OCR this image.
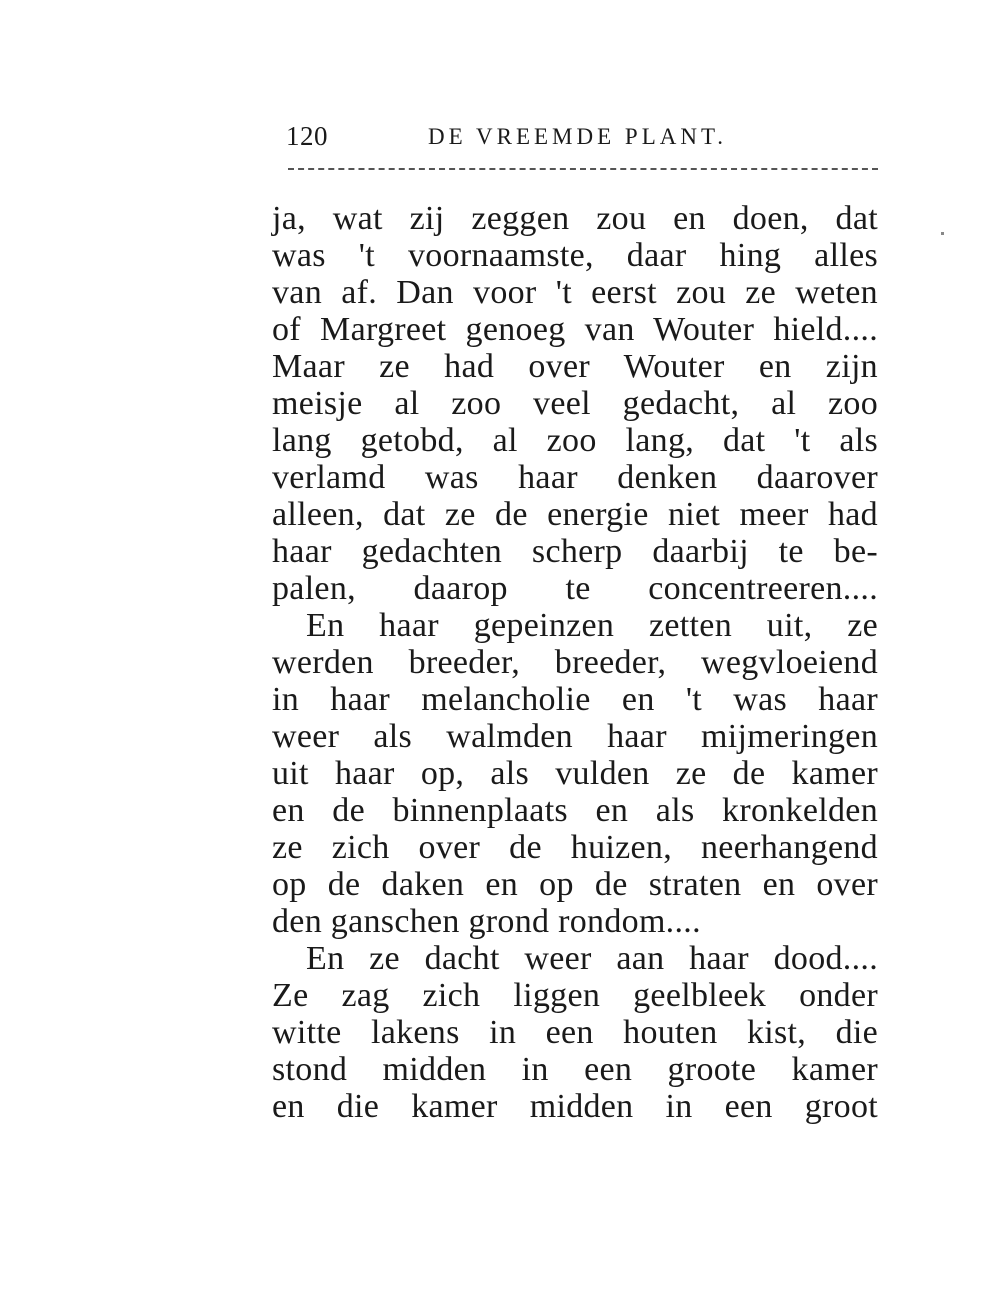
120	DE VREEMDE PLANT.
ja, wat zij zeggen zou en doen, dat
was 't voornaamste, daar hing alles
van af. Dan voor 't eerst zou ze weten
of Margreet genoeg van Wouter hield....
Maar ze had over Wouter en zijn
meisje al zoo veel gedacht, al zoo
lang getobd, al zoo lang, dat 't als
verlamd was haar denken daarover
alleen, dat ze de energie niet meer had
haar gedachten scherp daarbij te be-
palen, daarop te concentreeren....
En haar gepeinzen zetten uit, ze
werden breeder, breeder, wegvloeiend
in haar melancholie en 't was haar
weer als walmden haar mijmeringen
uit haar op, als vulden ze de kamer
en de binnenplaats en als kronkelden
ze zich over de huizen, neerhangend
op de daken en op de straten en over
den ganschen grond rondom....
En ze dacht weer aan haar dood....
Ze zag zich liggen geelbleek onder
witte lakens in een houten kist, die
stond midden in een groote kamer
en die kamer midden in een groot
